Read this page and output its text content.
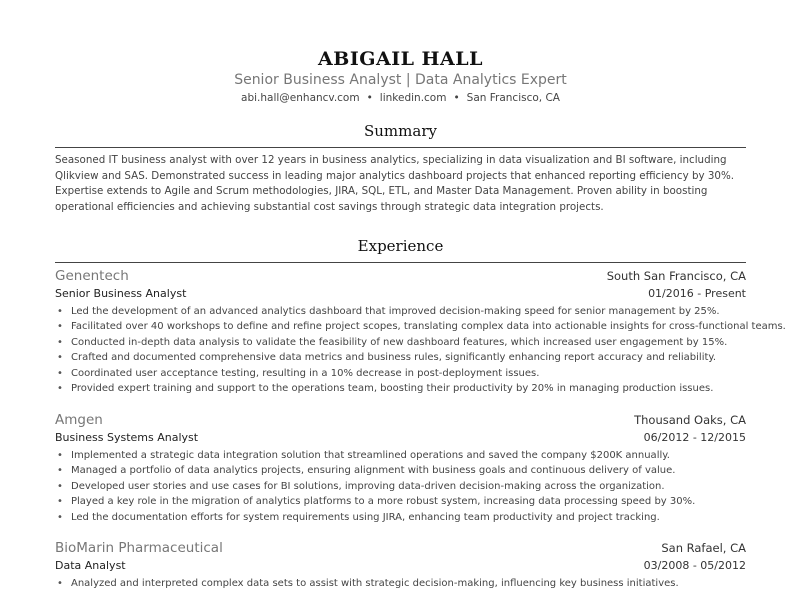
ABIGAIL HALL
Senior Business Analyst | Data Analytics Expert
abi.hall@enhancv.com • linkedin.com • San Francisco, CA
Summary
Seasoned IT business analyst with over 12 years in business analytics, specializing in data visualization and BI software, including Qlikview and SAS. Demonstrated success in leading major analytics dashboard projects that enhanced reporting efficiency by 30%. Expertise extends to Agile and Scrum methodologies, JIRA, SQL, ETL, and Master Data Management. Proven ability in boosting operational efficiencies and achieving substantial cost savings through strategic data integration projects.
Experience
Genentech	South San Francisco, CA
Senior Business Analyst	01/2016 - Present
• Led the development of an advanced analytics dashboard that improved decision-making speed for senior management by 25%.
• Facilitated over 40 workshops to define and refine project scopes, translating complex data into actionable insights for cross-functional teams.
• Conducted in-depth data analysis to validate the feasibility of new dashboard features, which increased user engagement by 15%.
• Crafted and documented comprehensive data metrics and business rules, significantly enhancing report accuracy and reliability.
• Coordinated user acceptance testing, resulting in a 10% decrease in post-deployment issues.
• Provided expert training and support to the operations team, boosting their productivity by 20% in managing production issues.
Amgen	Thousand Oaks, CA
Business Systems Analyst	06/2012 - 12/2015
• Implemented a strategic data integration solution that streamlined operations and saved the company $200K annually.
• Managed a portfolio of data analytics projects, ensuring alignment with business goals and continuous delivery of value.
• Developed user stories and use cases for BI solutions, improving data-driven decision-making across the organization.
• Played a key role in the migration of analytics platforms to a more robust system, increasing data processing speed by 30%.
• Led the documentation efforts for system requirements using JIRA, enhancing team productivity and project tracking.
BioMarin Pharmaceutical	San Rafael, CA
Data Analyst	03/2008 - 05/2012
• Analyzed and interpreted complex data sets to assist with strategic decision-making, influencing key business initiatives.
